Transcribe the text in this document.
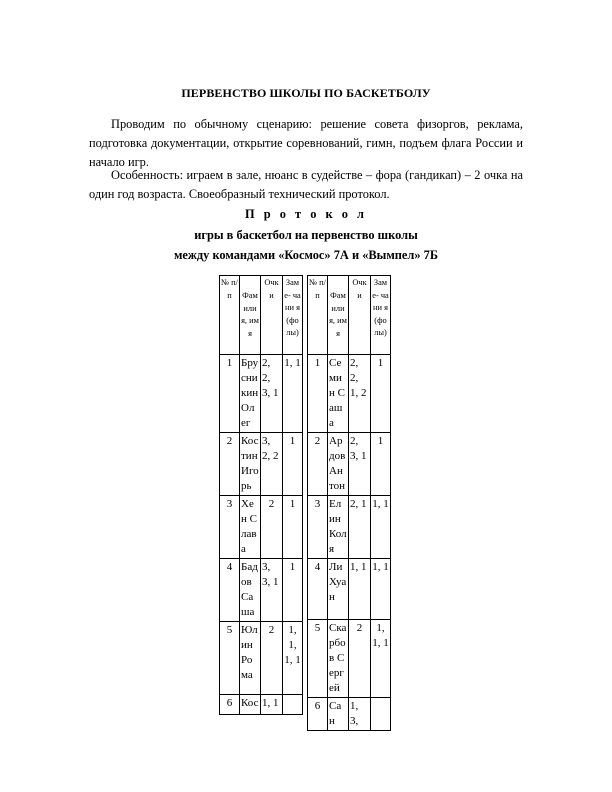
ПЕРВЕНСТВО ШКОЛЫ ПО БАСКЕТБОЛУ

Проводим по обычному сценарию: решение совета физоргов, реклама, подготовка документации, открытие соревнований, гимн, подъем флага России и начало игр.

Особенность: играем в зале, нюанс в судействе – фора (гандикап) – 2 очка на один год возраста. Своеобразный технический протокол.

П р о т о к о л
игры в баскетбол на первенство школы
между командами «Космос» 7А и «Вымпел» 7Б
№ п/п	Фам или я, имя	Очк и	Зам е- чани я (фо лы)
1	Брусникин Олег	2, 2, 3, 1	1, 1
2	Костин Игорь	3, 2, 2	1
3	Хен Слава	2	1
4	Бадов Саша	3, 3, 1	1
5	Юлин Рома	2	1, 1, 1, 1
6	Кос	1, 1	
№ п/п	Фам или я, имя	Очк и	Зам е- чани я (фо лы)
1	Семин Саша	2, 2, 1, 2	1
2	Ардов Антон	2, 3, 1	1
3	Елин Коля	2, 1	1, 1
4	Ли Хуан	1, 1	1, 1
5	Скарбов Сергей	2	1, 1, 1
6	Сан	1, 3,	
